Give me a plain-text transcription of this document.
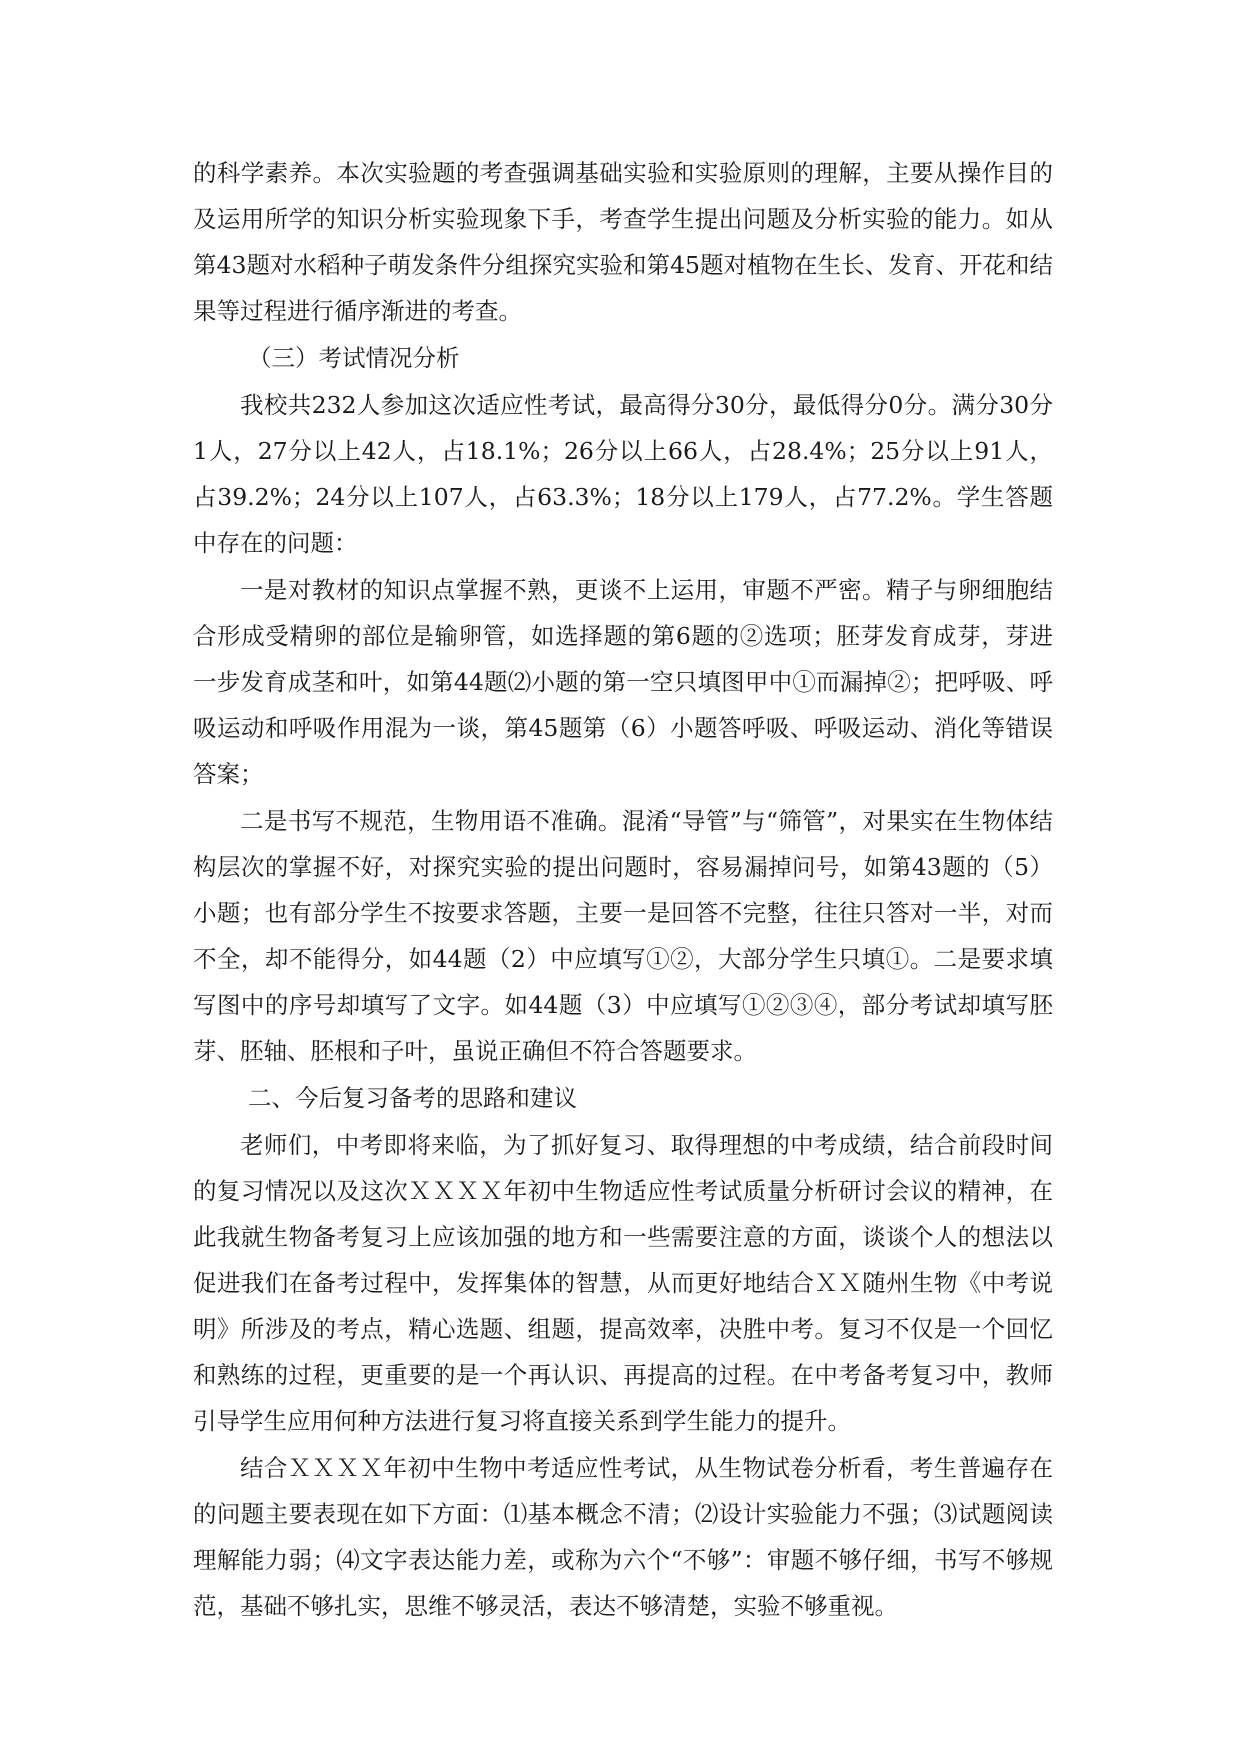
的科学素养。本次实验题的考查强调基础实验和实验原则的理解，主要从操作目的及运用所学的知识分析实验现象下手，考查学生提出问题及分析实验的能力。如从第43题对水稻种子萌发条件分组探究实验和第45题对植物在生长、发育、开花和结果等过程进行循序渐进的考查。

（三）考试情况分析

我校共232人参加这次适应性考试，最高得分30分，最低得分0分。满分30分1人，27分以上42人，占18.1%；26分以上66人，占28.4%；25分以上91人，占39.2%；24分以上107人，占63.3%；18分以上179人，占77.2%。学生答题中存在的问题：

一是对教材的知识点掌握不熟，更谈不上运用，审题不严密。精子与卵细胞结合形成受精卵的部位是输卵管，如选择题的第6题的②选项；胚芽发育成芽，芽进一步发育成茎和叶，如第44题⑵小题的第一空只填图甲中①而漏掉②；把呼吸、呼吸运动和呼吸作用混为一谈，第45题第（6）小题答呼吸、呼吸运动、消化等错误答案；

二是书写不规范，生物用语不准确。混淆“导管”与“筛管”，对果实在生物体结构层次的掌握不好，对探究实验的提出问题时，容易漏掉问号，如第43题的（5）小题；也有部分学生不按要求答题，主要一是回答不完整，往往只答对一半，对而不全，却不能得分，如44题（2）中应填写①②，大部分学生只填①。二是要求填写图中的序号却填写了文字。如44题（3）中应填写①②③④，部分考试却填写胚芽、胚轴、胚根和子叶，虽说正确但不符合答题要求。

二、今后复习备考的思路和建议

老师们，中考即将来临，为了抓好复习、取得理想的中考成绩，结合前段时间的复习情况以及这次ＸＸＸＸ年初中生物适应性考试质量分析研讨会议的精神，在此我就生物备考复习上应该加强的地方和一些需要注意的方面，谈谈个人的想法以促进我们在备考过程中，发挥集体的智慧，从而更好地结合ＸＸ随州生物《中考说明》所涉及的考点，精心选题、组题，提高效率，决胜中考。复习不仅是一个回忆和熟练的过程，更重要的是一个再认识、再提高的过程。在中考备考复习中，教师引导学生应用何种方法进行复习将直接关系到学生能力的提升。

结合ＸＸＸＸ年初中生物中考适应性考试，从生物试卷分析看，考生普遍存在的问题主要表现在如下方面：⑴基本概念不清；⑵设计实验能力不强；⑶试题阅读理解能力弱；⑷文字表达能力差，或称为六个“不够”：审题不够仔细，书写不够规范，基础不够扎实，思维不够灵活，表达不够清楚，实验不够重视。
